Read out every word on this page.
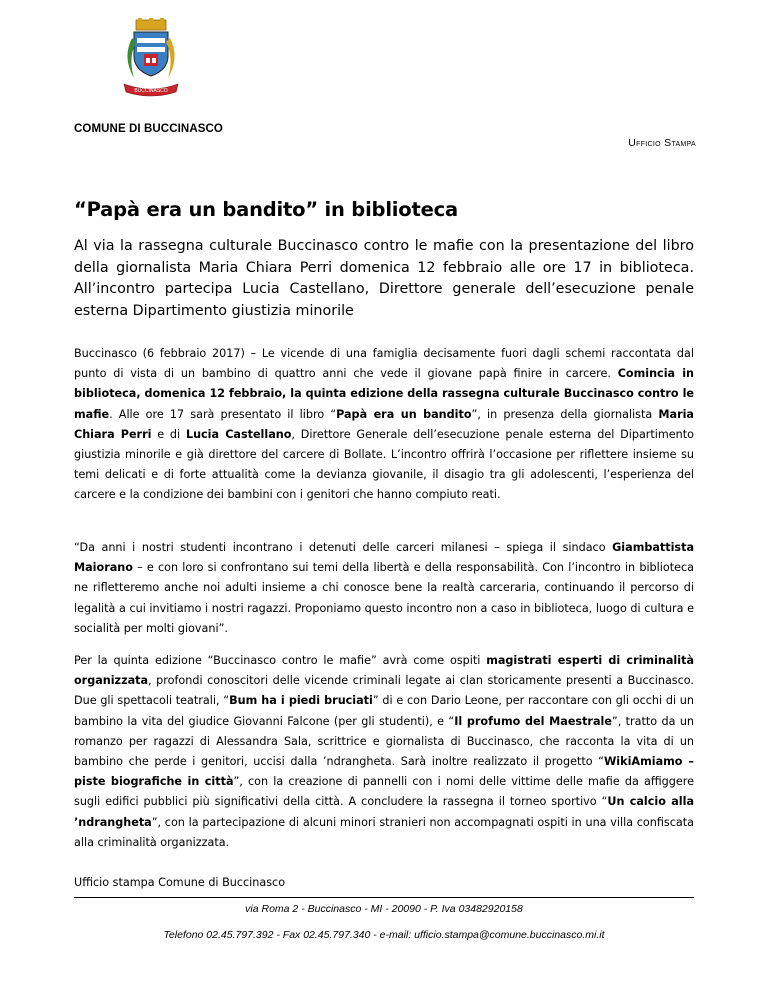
BUCCINASCO
COMUNE DI BUCCINASCO
Ufficio Stampa
“Papà era un bandito” in biblioteca

Al via la rassegna culturale Buccinasco contro le mafie con la presentazione del libro della giornalista Maria Chiara Perri domenica 12 febbraio alle ore 17 in biblioteca. All’incontro partecipa Lucia Castellano, Direttore generale dell’esecuzione penale esterna Dipartimento giustizia minorile

Buccinasco (6 febbraio 2017) – Le vicende di una famiglia decisamente fuori dagli schemi raccontata dal punto di vista di un bambino di quattro anni che vede il giovane papà finire in carcere. Comincia in biblioteca, domenica 12 febbraio, la quinta edizione della rassegna culturale Buccinasco contro le mafie. Alle ore 17 sarà presentato il libro “Papà era un bandito”, in presenza della giornalista Maria Chiara Perri e di Lucia Castellano, Direttore Generale dell’esecuzione penale esterna del Dipartimento giustizia minorile e già direttore del carcere di Bollate. L’incontro offrirà l’occasione per riflettere insieme su temi delicati e di forte attualità come la devianza giovanile, il disagio tra gli adolescenti, l’esperienza del carcere e la condizione dei bambini con i genitori che hanno compiuto reati.

“Da anni i nostri studenti incontrano i detenuti delle carceri milanesi – spiega il sindaco Giambattista Maiorano – e con loro si confrontano sui temi della libertà e della responsabilità. Con l’incontro in biblioteca ne rifletteremo anche noi adulti insieme a chi conosce bene la realtà carceraria, continuando il percorso di legalità a cui invitiamo i nostri ragazzi. Proponiamo questo incontro non a caso in biblioteca, luogo di cultura e socialità per molti giovani”.

Per la quinta edizione “Buccinasco contro le mafie” avrà come ospiti magistrati esperti di criminalità organizzata, profondi conoscitori delle vicende criminali legate ai clan storicamente presenti a Buccinasco. Due gli spettacoli teatrali, “Bum ha i piedi bruciati” di e con Dario Leone, per raccontare con gli occhi di un bambino la vita del giudice Giovanni Falcone (per gli studenti), e “Il profumo del Maestrale”, tratto da un romanzo per ragazzi di Alessandra Sala, scrittrice e giornalista di Buccinasco, che racconta la vita di un bambino che perde i genitori, uccisi dalla ’ndrangheta. Sarà inoltre realizzato il progetto “WikiAmiamo – piste biografiche in città”, con la creazione di pannelli con i nomi delle vittime delle mafie da affiggere sugli edifici pubblici più significativi della città. A concludere la rassegna il torneo sportivo “Un calcio alla ’ndrangheta”, con la partecipazione di alcuni minori stranieri non accompagnati ospiti in una villa confiscata alla criminalità organizzata.

Ufficio stampa Comune di Buccinasco

via Roma 2 - Buccinasco - MI - 20090 - P. Iva 03482920158
Telefono 02.45.797.392 - Fax 02.45.797.340 - e-mail: ufficio.stampa@comune.buccinasco.mi.it
